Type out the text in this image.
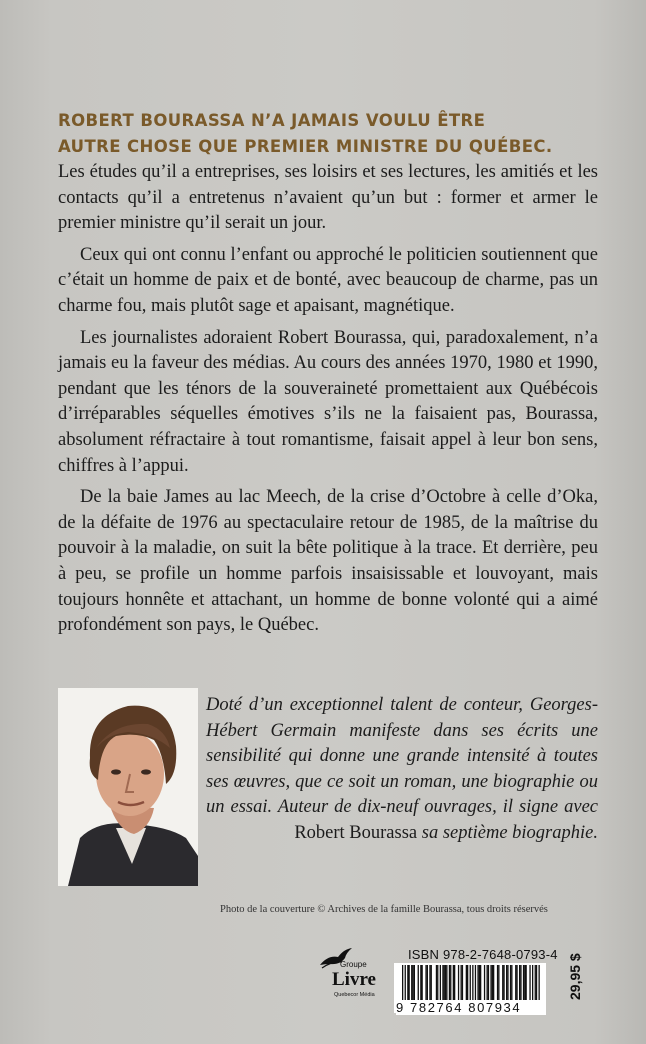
ROBERT BOURASSA N’A JAMAIS VOULU ÊTRE
AUTRE CHOSE QUE PREMIER MINISTRE DU QUÉBEC.

Les études qu’il a entreprises, ses loisirs et ses lectures, les amitiés et les contacts qu’il a entretenus n’avaient qu’un but : former et armer le premier ministre qu’il serait un jour.

Ceux qui ont connu l’enfant ou approché le politicien soutiennent que c’était un homme de paix et de bonté, avec beaucoup de charme, pas un charme fou, mais plutôt sage et apaisant, magnétique.

Les journalistes adoraient Robert Bourassa, qui, paradoxalement, n’a jamais eu la faveur des médias. Au cours des années 1970, 1980 et 1990, pendant que les ténors de la souveraineté promettaient aux Québécois d’irréparables séquelles émotives s’ils ne la faisaient pas, Bourassa, absolument réfractaire à tout romantisme, faisait appel à leur bon sens, chiffres à l’appui.

De la baie James au lac Meech, de la crise d’Octobre à celle d’Oka, de la défaite de 1976 au spectaculaire retour de 1985, de la maîtrise du pouvoir à la maladie, on suit la bête politique à la trace. Et derrière, peu à peu, se profile un homme parfois insaisissable et louvoyant, mais toujours honnête et attachant, un homme de bonne volonté qui a aimé profondément son pays, le Québec.

Doté d’un exceptionnel talent de conteur, Georges-Hébert Germain manifeste dans ses écrits une sensibilité qui donne une grande intensité à toutes ses œuvres, que ce soit un roman, une biographie ou un essai. Auteur de dix-neuf ouvrages, il signe avec Robert Bourassa sa septième biographie.

Photo de la couverture © Archives de la famille Bourassa, tous droits réservés

Groupe
Livre
Quebecor Média
ISBN 978-2-7648-0793-4
9 782764 807934
29,95 $
